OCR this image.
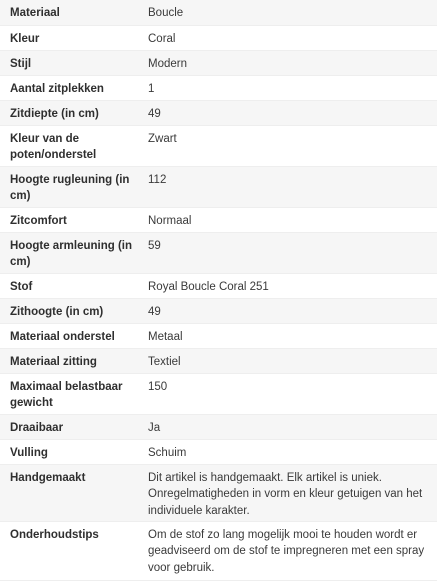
Materiaal	Boucle

Kleur	Coral

Stijl	Modern

Aantal zitplekken	1

Zitdiepte (in cm)	49

Kleur van de poten/onderstel	Zwart

Hoogte rugleuning (in cm)	112

Zitcomfort	Normaal

Hoogte armleuning (in cm)	59

Stof	Royal Boucle Coral 251

Zithoogte (in cm)	49

Materiaal onderstel	Metaal

Materiaal zitting	Textiel

Maximaal belastbaar gewicht	150

Draaibaar	Ja

Vulling	Schuim

Handgemaakt	Dit artikel is handgemaakt. Elk artikel is uniek. Onregelmatigheden in vorm en kleur getuigen van het individuele karakter.

Onderhoudstips	Om de stof zo lang mogelijk mooi te houden wordt er geadviseerd om de stof te impregneren met een spray voor gebruik.
